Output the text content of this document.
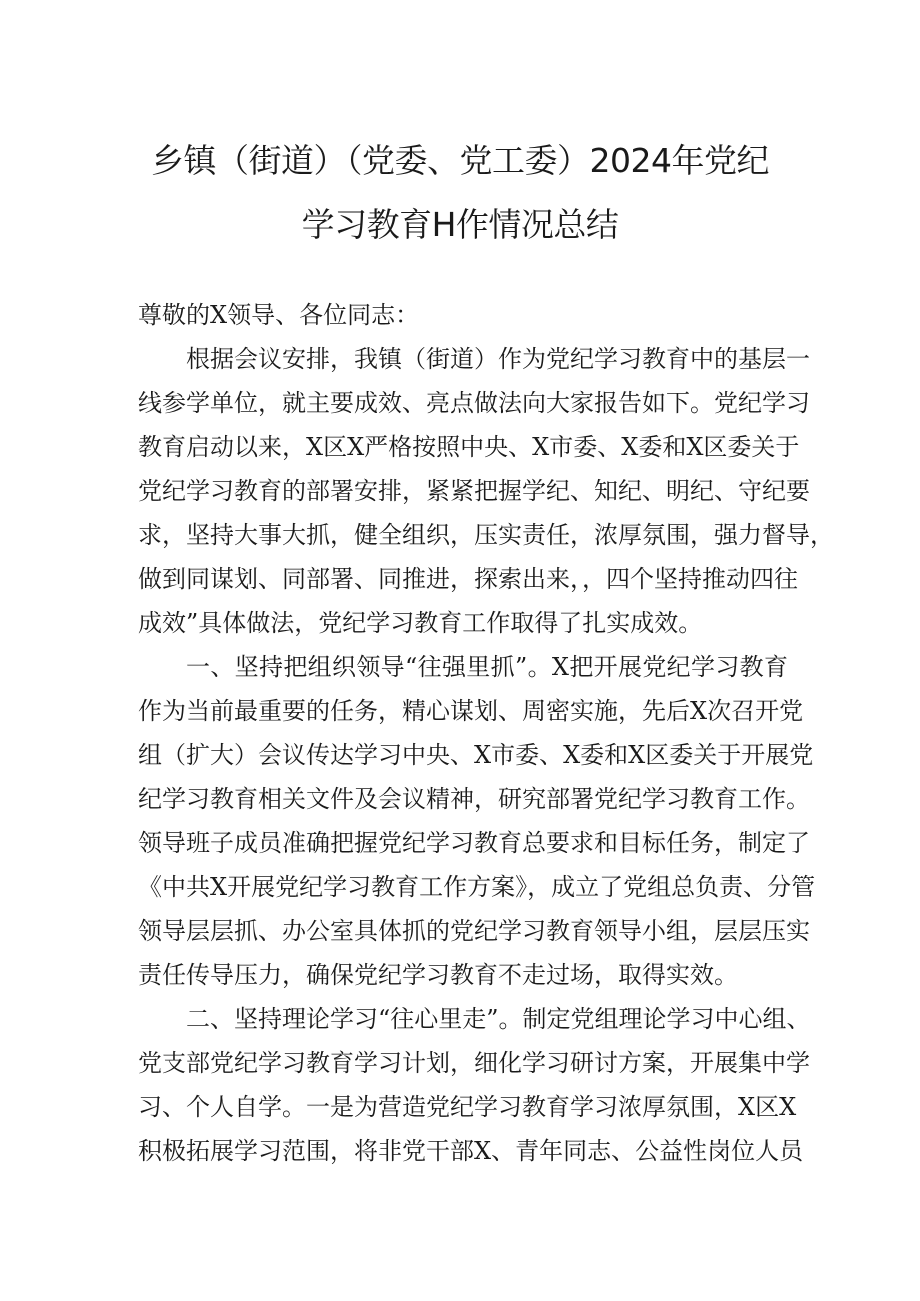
乡镇（街道）（党委、党工委）2024年党纪
学习教育H作情况总结
尊敬的X领导、各位同志：
根据会议安排，我镇（街道）作为党纪学习教育中的基层一
线参学单位，就主要成效、亮点做法向大家报告如下。党纪学习
教育启动以来，X区X严格按照中央、X市委、X委和X区委关于
党纪学习教育的部署安排，紧紧把握学纪、知纪、明纪、守纪要
求，坚持大事大抓，健全组织，压实责任，浓厚氛围，强力督导，
做到同谋划、同部署、同推进，探索出来，，四个坚持推动四往
成效”具体做法，党纪学习教育工作取得了扎实成效。
一、坚持把组织领导“往强里抓”。X把开展党纪学习教育
作为当前最重要的任务，精心谋划、周密实施，先后X次召开党
组（扩大）会议传达学习中央、X市委、X委和X区委关于开展党
纪学习教育相关文件及会议精神，研究部署党纪学习教育工作。
领导班子成员准确把握党纪学习教育总要求和目标任务，制定了
《中共X开展党纪学习教育工作方案》，成立了党组总负责、分管
领导层层抓、办公室具体抓的党纪学习教育领导小组，层层压实
责任传导压力，确保党纪学习教育不走过场，取得实效。
二、坚持理论学习“往心里走”。制定党组理论学习中心组、
党支部党纪学习教育学习计划，细化学习研讨方案，开展集中学
习、个人自学。一是为营造党纪学习教育学习浓厚氛围，X区X
积极拓展学习范围，将非党干部X、青年同志、公益性岗位人员
